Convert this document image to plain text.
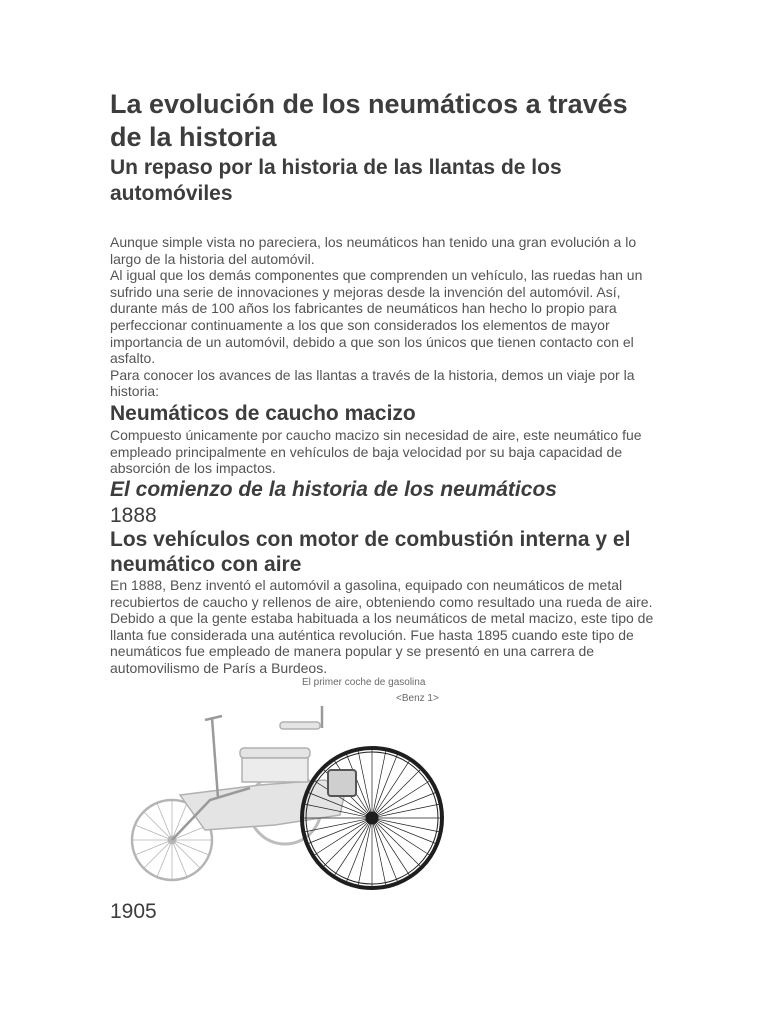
La evolución de los neumáticos a través de la historia
Un repaso por la historia de las llantas de los automóviles

Aunque simple vista no pareciera, los neumáticos han tenido una gran evolución a lo largo de la historia del automóvil.

Al igual que los demás componentes que comprenden un vehículo, las ruedas han un sufrido una serie de innovaciones y mejoras desde la invención del automóvil. Así, durante más de 100 años los fabricantes de neumáticos han hecho lo propio para perfeccionar continuamente a los que son considerados los elementos de mayor importancia de un automóvil, debido a que son los únicos que tienen contacto con el asfalto.

Para conocer los avances de las llantas a través de la historia, demos un viaje por la historia:

Neumáticos de caucho macizo

Compuesto únicamente por caucho macizo sin necesidad de aire, este neumático fue empleado principalmente en vehículos de baja velocidad por su baja capacidad de absorción de los impactos.

El comienzo de la historia de los neumáticos
1888
Los vehículos con motor de combustión interna y el neumático con aire

En 1888, Benz inventó el automóvil a gasolina, equipado con neumáticos de metal recubiertos de caucho y rellenos de aire, obteniendo como resultado una rueda de aire. Debido a que la gente estaba habituada a los neumáticos de metal macizo, este tipo de llanta fue considerada una auténtica revolución. Fue hasta 1895 cuando este tipo de neumáticos fue empleado de manera popular y se presentó en una carrera de automovilismo de París a Burdeos.

El primer coche de gasolina
<Benz 1>
1905
